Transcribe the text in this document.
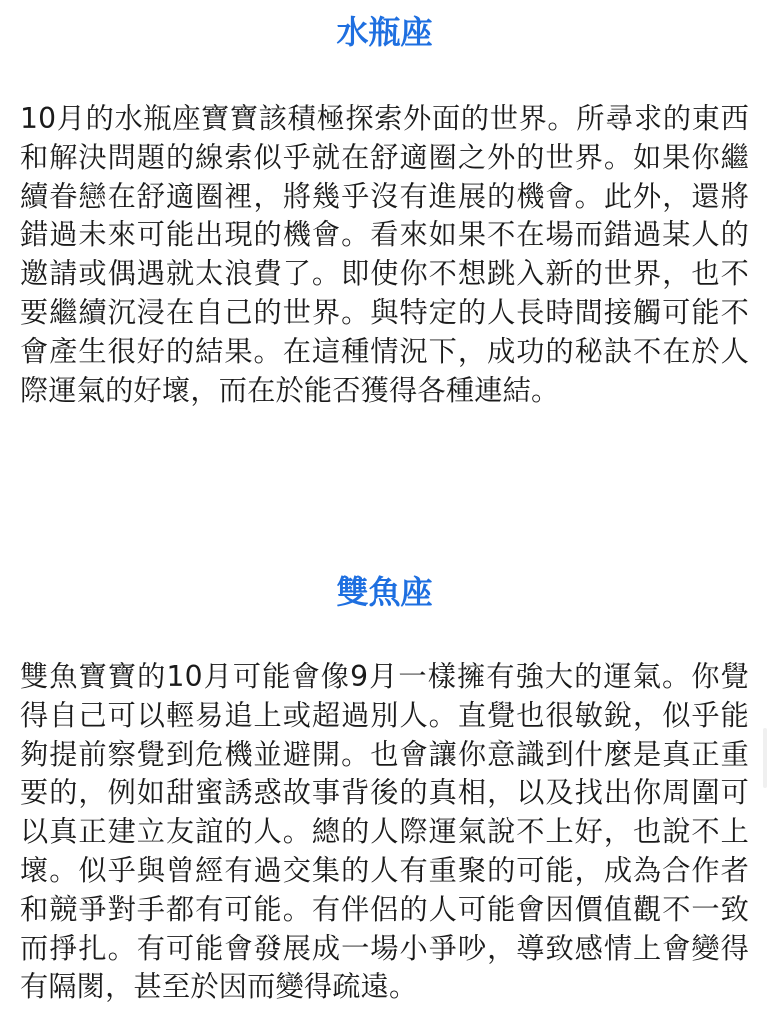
水瓶座

10月的水瓶座寶寶該積極探索外面的世界。所尋求的東西和解決問題的線索似乎就在舒適圈之外的世界。如果你繼續眷戀在舒適圈裡，將幾乎沒有進展的機會。此外，還將錯過未來可能出現的機會。看來如果不在場而錯過某人的邀請或偶遇就太浪費了。即使你不想跳入新的世界，也不要繼續沉浸在自己的世界。與特定的人長時間接觸可能不會產生很好的結果。在這種情況下，成功的秘訣不在於人際運氣的好壞，而在於能否獲得各種連結。

雙魚座

雙魚寶寶的10月可能會像9月一樣擁有強大的運氣。你覺得自己可以輕易追上或超過別人。直覺也很敏銳，似乎能夠提前察覺到危機並避開。也會讓你意識到什麼是真正重要的，例如甜蜜誘惑故事背後的真相，以及找出你周圍可以真正建立友誼的人。總的人際運氣說不上好，也說不上壞。似乎與曾經有過交集的人有重聚的可能，成為合作者和競爭對手都有可能。有伴侶的人可能會因價值觀不一致而掙扎。有可能會發展成一場小爭吵，導致感情上會變得有隔閡，甚至於因而變得疏遠。
